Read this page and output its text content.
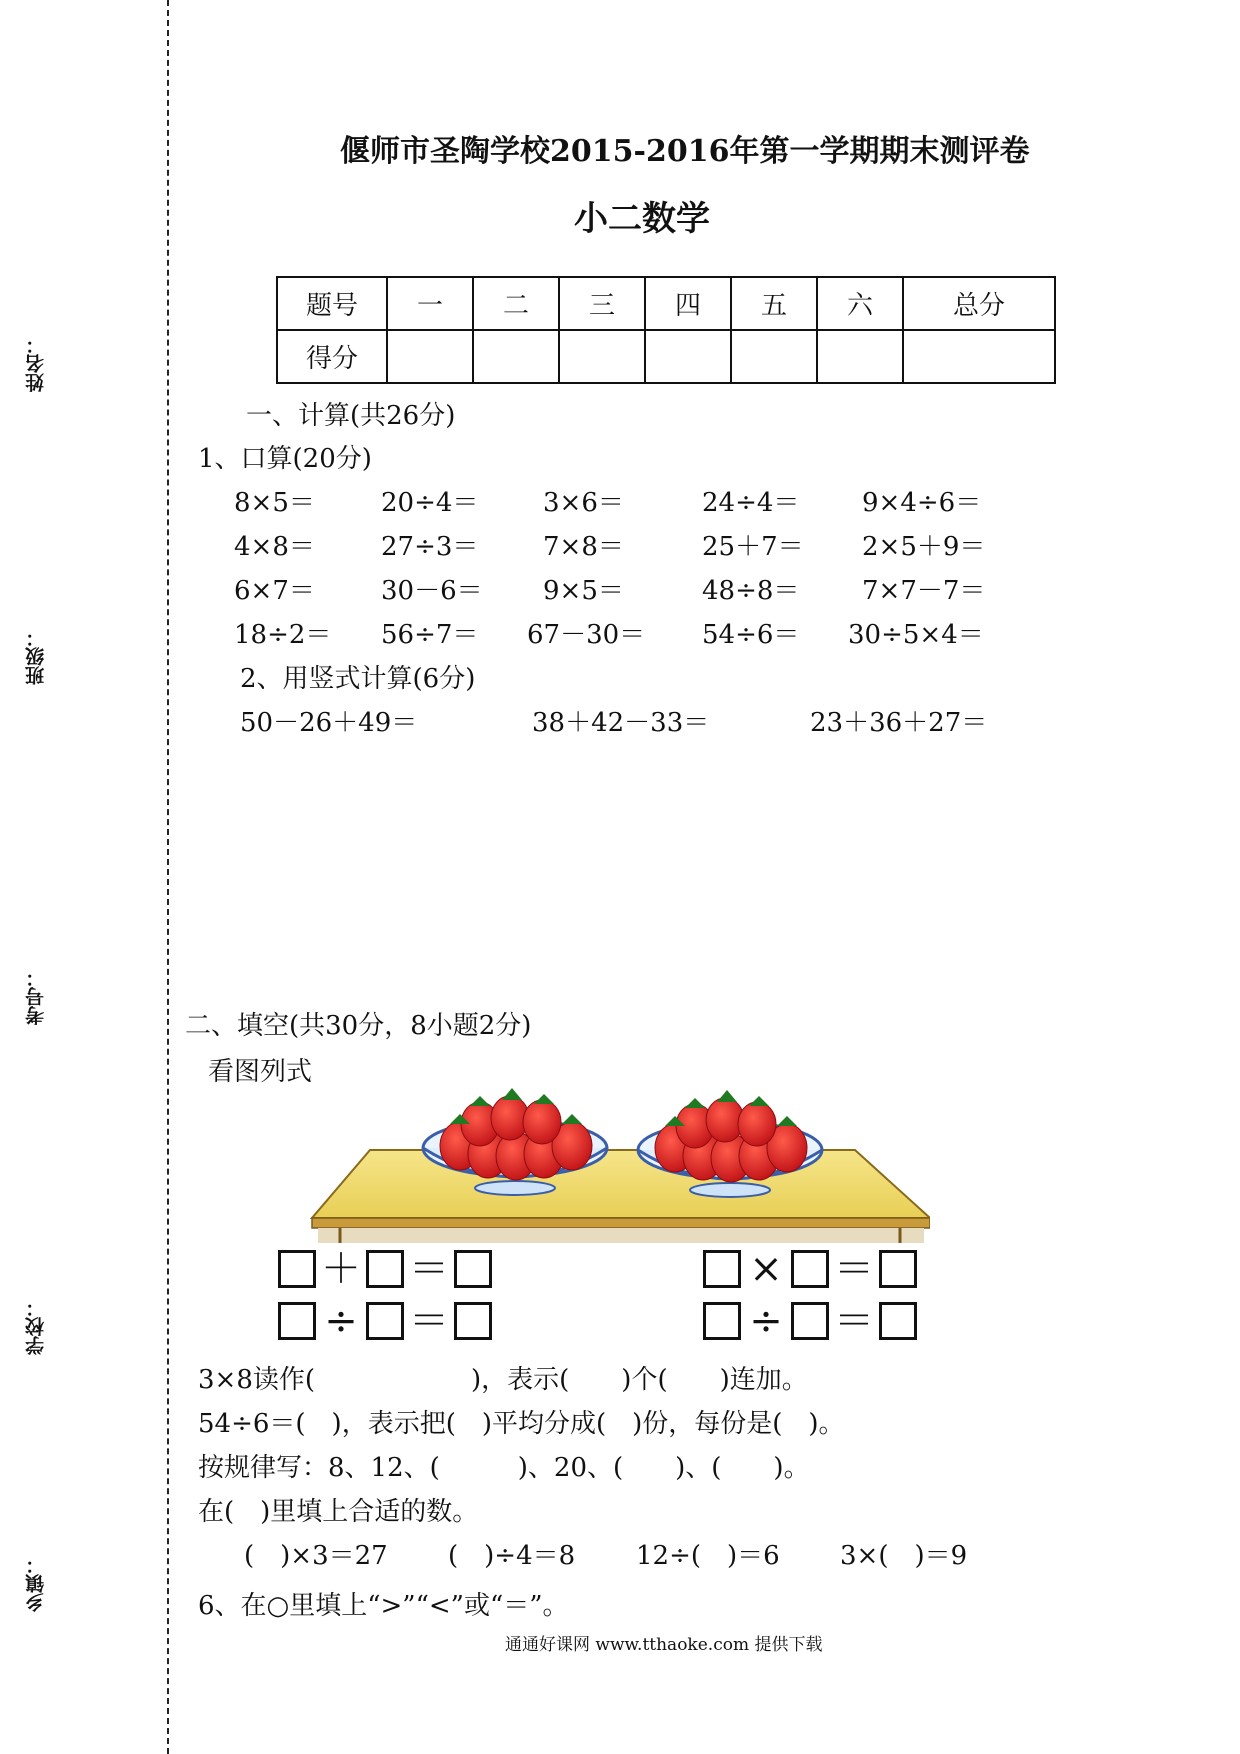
姓名：
班级：
考号：
学校：
乡镇：
偃师市圣陶学校2015-2016年第一学期期末测评卷
小二数学
题号	一	二	三	四	五	六	总分
得分							
一、计算(共26分)
1、口算(20分)
8×5＝	20÷4＝ 3×6＝	24÷4＝ 9×4÷6＝
4×8＝	27÷3＝ 7×8＝	25＋7＝ 2×5＋9＝
6×7＝	30－6＝ 9×5＝	48÷8＝ 7×7－7＝
18÷2＝ 56÷7＝ 67－30＝ 54÷6＝ 30÷5×4＝
2、用竖式计算(6分)
50－26＋49＝	38＋42－33＝	23＋36＋27＝
二、填空(共30分，8小题2分)
看图列式
＋ ＝	× ＝
÷ ＝	÷ ＝
3×8读作(　　　　　　)，表示(　　)个(　　)连加。
54÷6＝(　)，表示把(　)平均分成(　)份，每份是(　)。
按规律写：8、12、(　　　)、20、(　　)、(　　)。
在(　)里填上合适的数。
(　)×3＝27 (　)÷4＝8 12÷(　)＝6 3×(　)＝9
6、在○里填上“>”“<”或“＝”。
通通好课网 www.tthaoke.com 提供下载
